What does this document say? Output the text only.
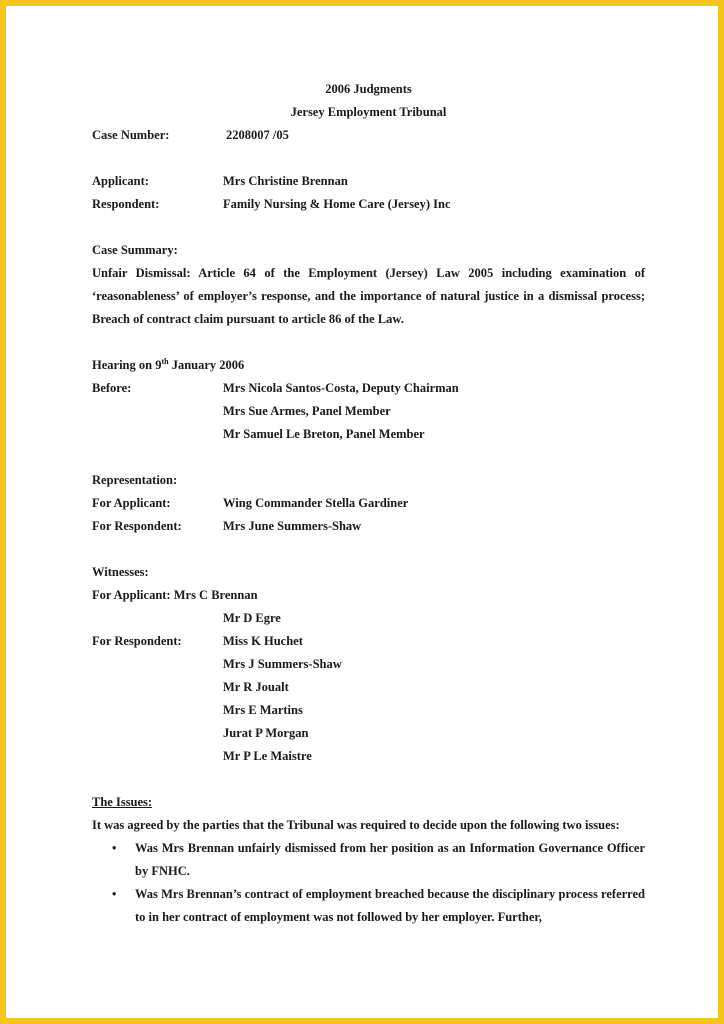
2006 Judgments
Jersey Employment Tribunal
Case Number:	2208007 /05
Applicant:	Mrs Christine Brennan
Respondent:	Family Nursing & Home Care (Jersey) Inc
Case Summary:
Unfair Dismissal: Article 64 of the Employment (Jersey) Law 2005 including examination of ‘reasonableness’ of employer’s response, and the importance of natural justice in a dismissal process; Breach of contract claim pursuant to article 86 of the Law.
Hearing on 9th January 2006
Before:	Mrs Nicola Santos-Costa, Deputy Chairman
Mrs Sue Armes, Panel Member
Mr Samuel Le Breton, Panel Member
Representation:
For Applicant:	Wing Commander Stella Gardiner
For Respondent:	Mrs June Summers-Shaw
Witnesses:
For Applicant: Mrs C Brennan
Mr D Egre
For Respondent:	Miss K Huchet
Mrs J Summers-Shaw
Mr R Joualt
Mrs E Martins
Jurat P Morgan
Mr P Le Maistre
The Issues:
It was agreed by the parties that the Tribunal was required to decide upon the following two issues:
•	Was Mrs Brennan unfairly dismissed from her position as an Information Governance Officer by FNHC.
•	Was Mrs Brennan’s contract of employment breached because the disciplinary process referred to in her contract of employment was not followed by her employer. Further,
